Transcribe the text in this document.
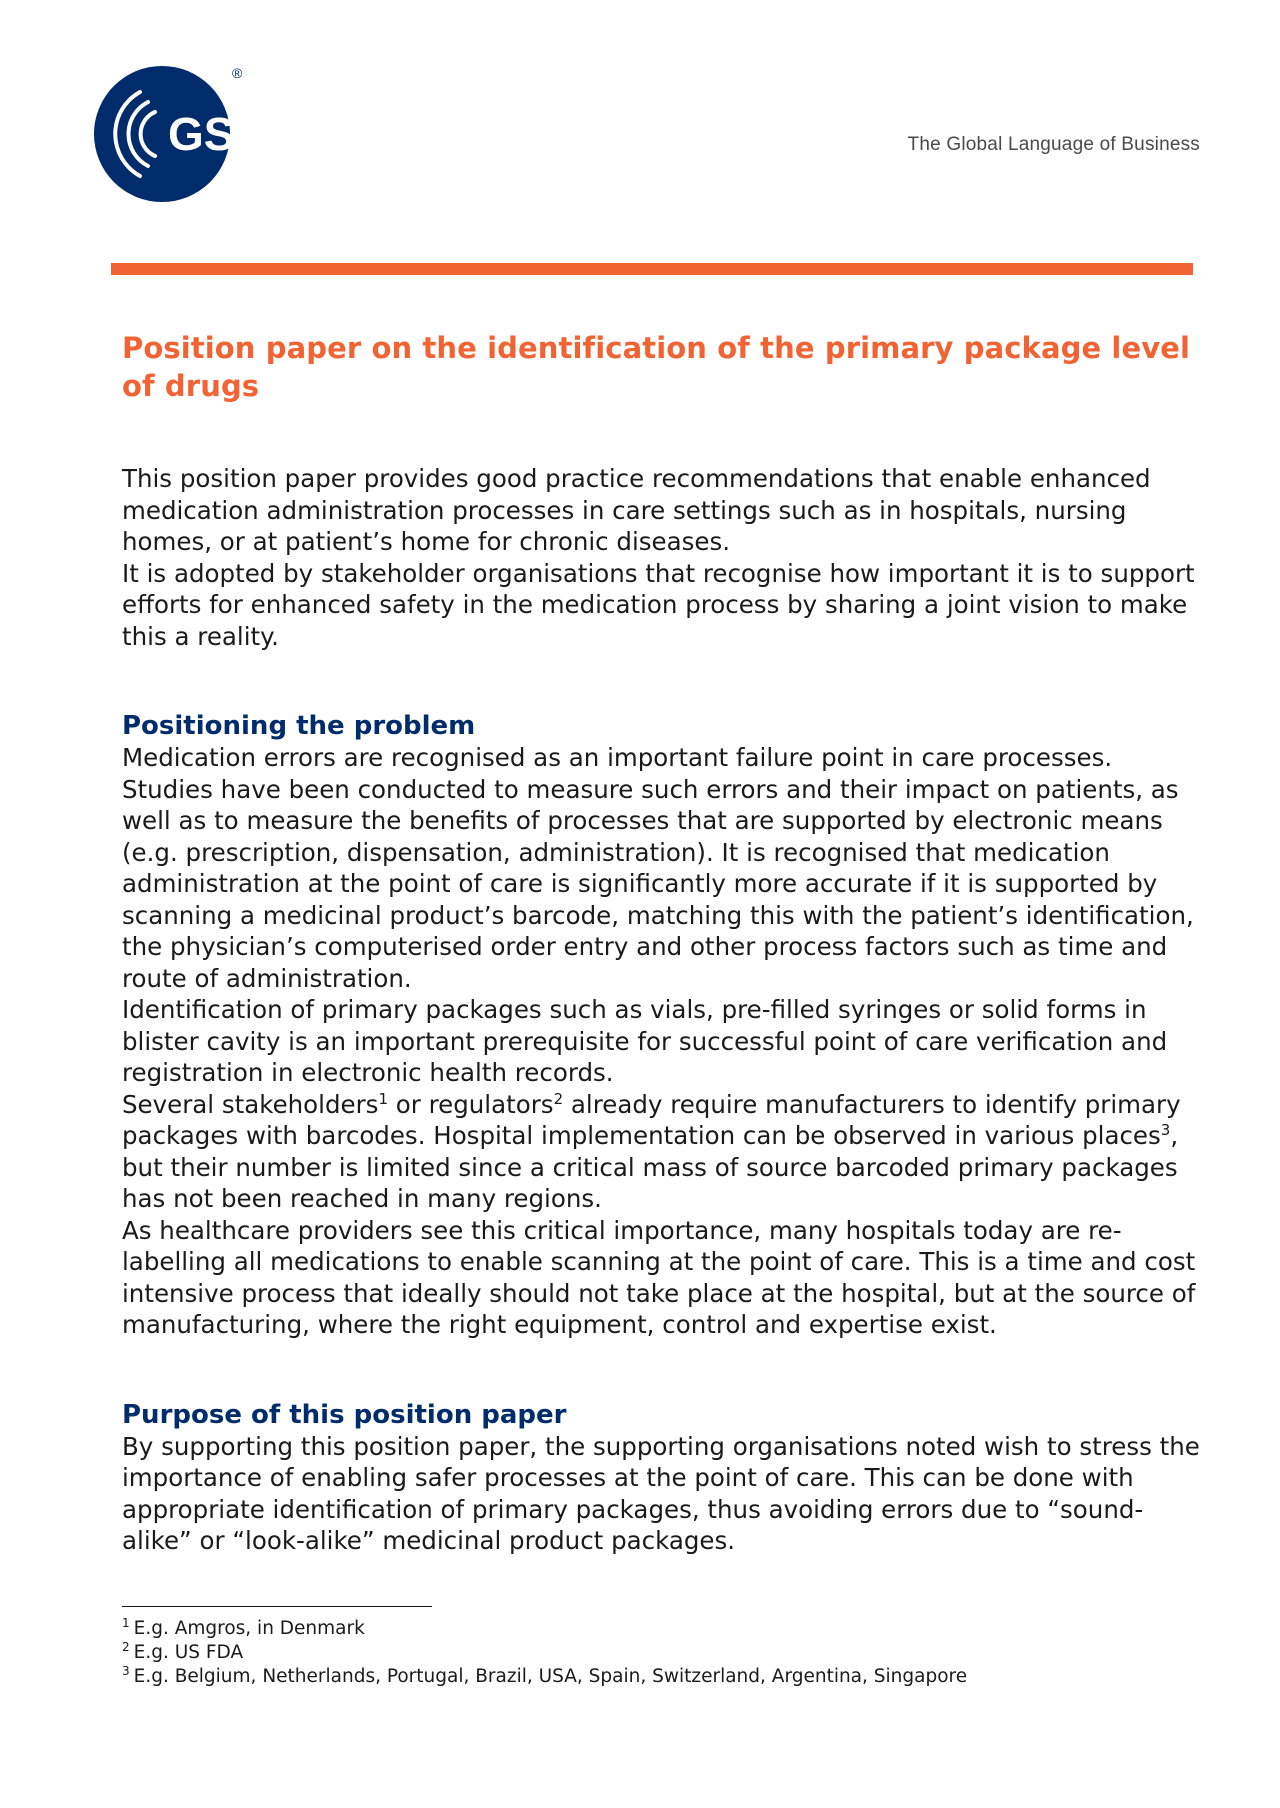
GS1
®
The Global Language of Business
Position paper on the identification of the primary package level of drugs

This position paper provides good practice recommendations that enable enhanced medication administration processes in care settings such as in hospitals, nursing homes, or at patient’s home for chronic diseases.

It is adopted by stakeholder organisations that recognise how important it is to support efforts for enhanced safety in the medication process by sharing a joint vision to make this a reality.

Positioning the problem

Medication errors are recognised as an important failure point in care processes. Studies have been conducted to measure such errors and their impact on patients, as well as to measure the benefits of processes that are supported by electronic means (e.g. prescription, dispensation, administration). It is recognised that medication administration at the point of care is significantly more accurate if it is supported by scanning a medicinal product’s barcode, matching this with the patient’s identification, the physician’s computerised order entry and other process factors such as time and route of administration.

Identification of primary packages such as vials, pre-filled syringes or solid forms in blister cavity is an important prerequisite for successful point of care verification and registration in electronic health records.

Several stakeholders$^1$ or regulators$^2$ already require manufacturers to identify primary packages with barcodes. Hospital implementation can be observed in various places$^3$, but their number is limited since a critical mass of source barcoded primary packages has not been reached in many regions.

As healthcare providers see this critical importance, many hospitals today are re-labelling all medications to enable scanning at the point of care. This is a time and cost intensive process that ideally should not take place at the hospital, but at the source of manufacturing, where the right equipment, control and expertise exist.

Purpose of this position paper

By supporting this position paper, the supporting organisations noted wish to stress the importance of enabling safer processes at the point of care. This can be done with appropriate identification of primary packages, thus avoiding errors due to “sound-alike” or “look-alike” medicinal product packages.

$^1$ E.g. Amgros, in Denmark

$^2$ E.g. US FDA

$^3$ E.g. Belgium, Netherlands, Portugal, Brazil, USA, Spain, Switzerland, Argentina, Singapore
